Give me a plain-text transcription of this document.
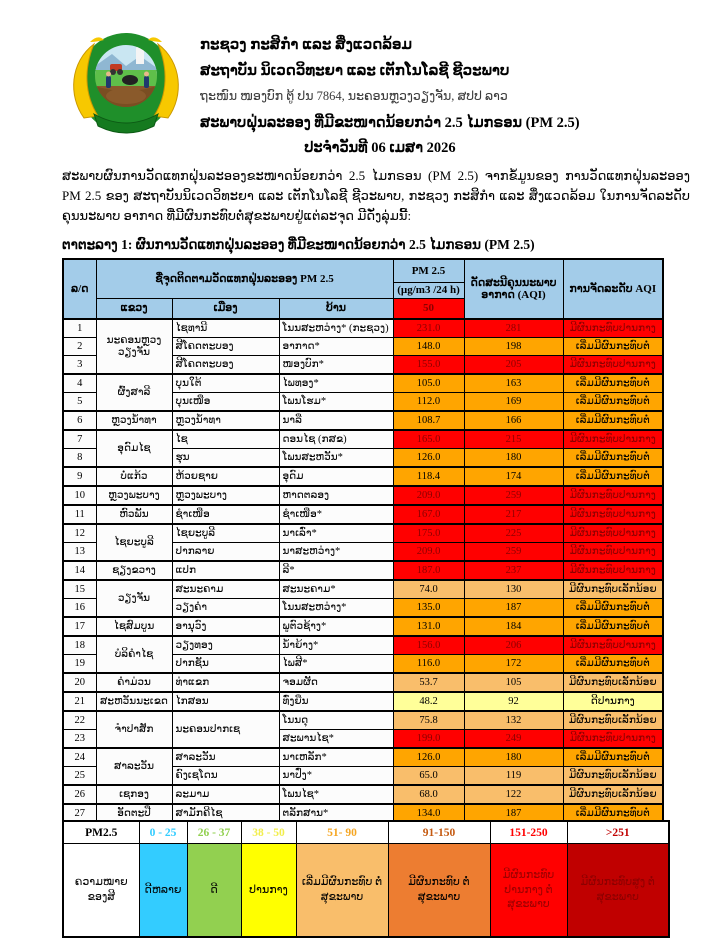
ກະຊວງ ກະສິກຳ ແລະ ສິ່ງແວດລ້ອມ
ສະຖາບັນ ນິເວດວິທະຍາ ແລະ ເຕັກໂນໂລຊີ ຊີວະພາບ
ຖະໜົນ ໜອງບົກ ຕູ້ ປນ 7864, ນະຄອນຫຼວງວຽງຈັນ, ສປປ ລາວ
ສະພາບຝຸ່ນລະອອງ ທີ່ມີຂະໜາດນ້ອຍກວ່າ 2.5 ໄມກຣອນ (PM 2.5)
ປະຈຳວັນທີ 06 ເມສາ 2026
ສະພາບຜົນການວັດແທກຝຸ່ນລະອອງຂະໜາດນ້ອຍກວ່າ 2.5 ໄມກຣອນ (PM 2.5) ຈາກຂໍ້ມູນຂອງ ການວັດແທກຝຸ່ນລະອອງ PM 2.5 ຂອງ ສະຖາບັນນິເວດວິທະຍາ ແລະ ເຕັກໂນໂລຊີ ຊີວະພາບ, ກະຊວງ ກະສິກຳ ແລະ ສິ່ງແວດລ້ອມ ໃນການຈັດລະດັບຄຸນນະພາບ ອາກາດ ທີ່ມີຜົນກະທົບຕໍ່ສຸຂະພາບຢູ່ແຕ່ລະຈຸດ ມີດັ່ງລຸ່ມນີ້:
ຕາຕະລາງ 1: ຜົນການວັດແທກຝຸ່ນລະອອງ ທີ່ມີຂະໜາດນ້ອຍກວ່າ 2.5 ໄມກຣອນ (PM 2.5)
ລ/ດ	ຊື່ຈຸດຕິດຕາມວັດແທກຝຸ່ນລະອອງ PM 2.5			PM 2.5	ດັດສະນີຄຸນນະພາບ ອາກາດ (AQI)	ການຈັດລະດັບ AQI
				(µg/m3 /24 h)		
	ແຂວງ	ເມືອງ	ບ້ານ	50		
1	ນະຄອນຫຼວງວຽງຈັນ	ໄຊທານີ	ໂນນສະຫວ່າງ* (ກະຊວງ)	231.0	281	ມີຜົນກະທົບປານກາງ
2		ສີໂຄດຕະບອງ	ອາກາດ*	148.0	198	ເລີ່ມມີຜົນກະທົບຕໍ່
3		ສີໂຄດຕະບອງ	ໜອງບົກ*	155.0	205	ມີຜົນກະທົບປານກາງ
4	ຜົ້ງສາລີ	ບຸນໃຕ້	ໄພທອງ*	105.0	163	ເລີ່ມມີຜົນກະທົບຕໍ່
5		ບຸນເໜືອ	ໂພນໂຮມ*	112.0	169	ເລີ່ມມີຜົນກະທົບຕໍ່
6	ຫຼວງນ້ຳທາ	ຫຼວງນ້ຳທາ	ນາລື	108.7	166	ເລີ່ມມີຜົນກະທົບຕໍ່
7	ອຸດົມໄຊ	ໄຊ	ດອນໄຊ (ກສຂ)	165.0	215	ມີຜົນກະທົບປານກາງ
8		ຮຸນ	ໂພນສະຫວັນ*	126.0	180	ເລີ່ມມີຜົນກະທົບຕໍ່
9	ບໍ່ແກ້ວ	ຫ້ວຍຊາຍ	ອຸດົມ	118.4	174	ເລີ່ມມີຜົນກະທົບຕໍ່
10	ຫຼວງພະບາງ	ຫຼວງພະບາງ	ຫາດຕລອງ	209.0	259	ມີຜົນກະທົບປານກາງ
11	ຫົວພັນ	ຊຳເໜືອ	ຊຳເໜືອ*	167.0	217	ມີຜົນກະທົບປານກາງ
12	ໄຊຍະບູລີ	ໄຊຍະບູລີ	ນາເລົ່າ*	175.0	225	ມີຜົນກະທົບປານກາງ
13		ປາກລາຍ	ນາສະຫວ່າງ*	209.0	259	ມີຜົນກະທົບປານກາງ
14	ຊຽງຂວາງ	ແປກ	ລີ*	187.0	237	ມີຜົນກະທົບປານກາງ
15	ວຽງຈັນ	ສະນະຄາມ	ສະນະຄາມ*	74.0	130	ມີຜົນກະທົບເລັກນ້ອຍ
16		ວຽງຄຳ	ໂນນສະຫວ່າງ*	135.0	187	ເລີ່ມມີຜົນກະທົບຕໍ່
17	ໄຊສົມບູນ	ອານຸວົງ	ພູຕົວຊ້າງ*	131.0	184	ເລີ່ມມີຜົນກະທົບຕໍ່
18	ບໍລິຄຳໄຊ	ວຽງທອງ	ນ້ຳຍ້າງ*	156.0	206	ມີຜົນກະທົບປານກາງ
19		ປາກຊັນ	ໄພສີ*	116.0	172	ເລີ່ມມີຜົນກະທົບຕໍ່
20	ຄຳມ່ວນ	ທ່າແຂກ	ຈອມຜັດ	53.7	105	ມີຜົນກະທົບເລັກນ້ອຍ
21	ສະຫວັນນະເຂດ	ໄກສອນ	ທົ່ງຍືນ	48.2	92	ດີປານກາງ
22	ຈຳປາສັກ	ນະຄອນປາກເຊ	ໂນນດຸ	75.8	132	ມີຜົນກະທົບເລັກນ້ອຍ
23			ສະພານໄຊ*	199.0	249	ມີຜົນກະທົບປານກາງ
24	ສາລະວັນ	ສາລະວັນ	ນາເຫລັກ*	126.0	180	ເລີ່ມມີຜົນກະທົບຕໍ່
25		ຄົງເຊໂດນ	ນາປົ່ງ*	65.0	119	ມີຜົນກະທົບເລັກນ້ອຍ
26	ເຊກອງ	ລະມາມ	ໂພນໄຊ*	68.0	122	ມີຜົນກະທົບເລັກນ້ອຍ
27	ອັດຕະປື	ສາມັກຄີໄຊ	ຕລັກສານ*	134.0	187	ເລີ່ມມີຜົນກະທົບຕໍ່
PM2.5	0 - 25	26 - 37	38 - 50	51- 90	91-150	151-250	>251
ຄວາມໝາຍ ຂອງສີ	ດີຫລາຍ	ດີ	ປານກາງ	ເລີ່ມມີຜົນກະທົບ ຕໍ່ສຸຂະພາບ	ມີຜົນກະທົບ ຕໍ່ສຸຂະພາບ	ມີຜົນກະທົບ ປານກາງ ຕໍ່ສຸຂະພາບ	ມີຜົນກະທົບສູງ ຕໍ່ສຸຂະພາບ
